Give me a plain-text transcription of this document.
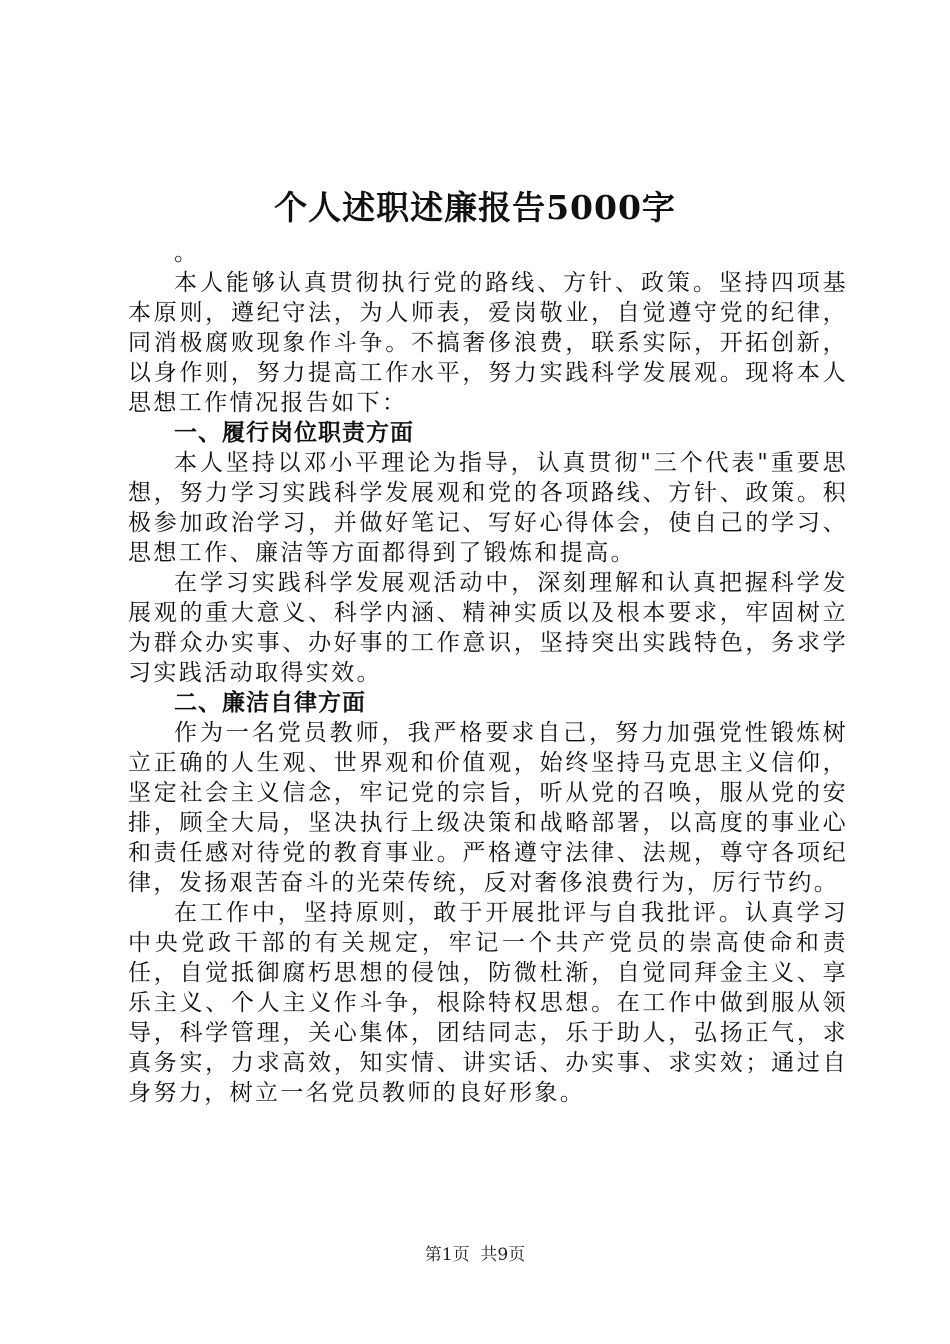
个人述职述廉报告5000字

。

本人能够认真贯彻执行党的路线、方针、政策。坚持四项基本原则，遵纪守法，为人师表，爱岗敬业，自觉遵守党的纪律，同消极腐败现象作斗争。不搞奢侈浪费，联系实际，开拓创新，以身作则，努力提高工作水平，努力实践科学发展观。现将本人思想工作情况报告如下：

一、履行岗位职责方面

本人坚持以邓小平理论为指导，认真贯彻"三个代表"重要思想，努力学习实践科学发展观和党的各项路线、方针、政策。积极参加政治学习，并做好笔记、写好心得体会，使自己的学习、思想工作、廉洁等方面都得到了锻炼和提高。

在学习实践科学发展观活动中，深刻理解和认真把握科学发展观的重大意义、科学内涵、精神实质以及根本要求，牢固树立为群众办实事、办好事的工作意识，坚持突出实践特色，务求学习实践活动取得实效。

二、廉洁自律方面

作为一名党员教师，我严格要求自己，努力加强党性锻炼树立正确的人生观、世界观和价值观，始终坚持马克思主义信仰，坚定社会主义信念，牢记党的宗旨，听从党的召唤，服从党的安排，顾全大局，坚决执行上级决策和战略部署，以高度的事业心和责任感对待党的教育事业。严格遵守法律、法规，尊守各项纪律，发扬艰苦奋斗的光荣传统，反对奢侈浪费行为，厉行节约。

在工作中，坚持原则，敢于开展批评与自我批评。认真学习中央党政干部的有关规定，牢记一个共产党员的崇高使命和责任，自觉抵御腐朽思想的侵蚀，防微杜渐，自觉同拜金主义、享乐主义、个人主义作斗争，根除特权思想。在工作中做到服从领导，科学管理，关心集体，团结同志，乐于助人，弘扬正气，求真务实，力求高效，知实情、讲实话、办实事、求实效；通过自身努力，树立一名党员教师的良好形象。

第1页  共9页
